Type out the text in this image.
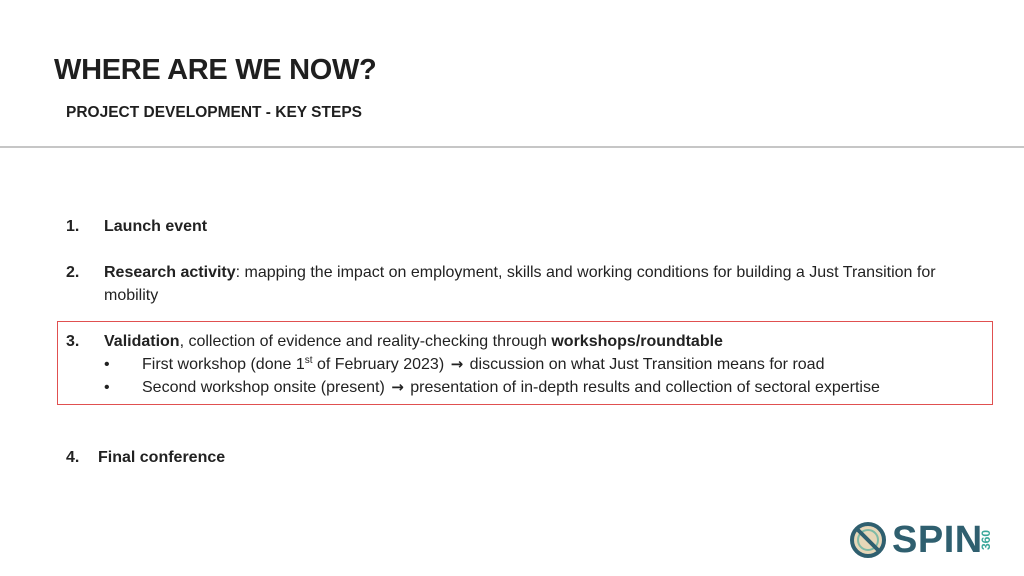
WHERE ARE WE NOW?
PROJECT DEVELOPMENT - KEY STEPS
1. Launch event
2. Research activity: mapping the impact on employment, skills and working conditions for building a Just Transition for mobility
3. Validation, collection of evidence and reality-checking through workshops/roundtable
• First workshop (done 1st of February 2023) → discussion on what Just Transition means for road
• Second workshop onsite (present) → presentation of in-depth results and collection of sectoral expertise
4. Final conference
SPIN
360
